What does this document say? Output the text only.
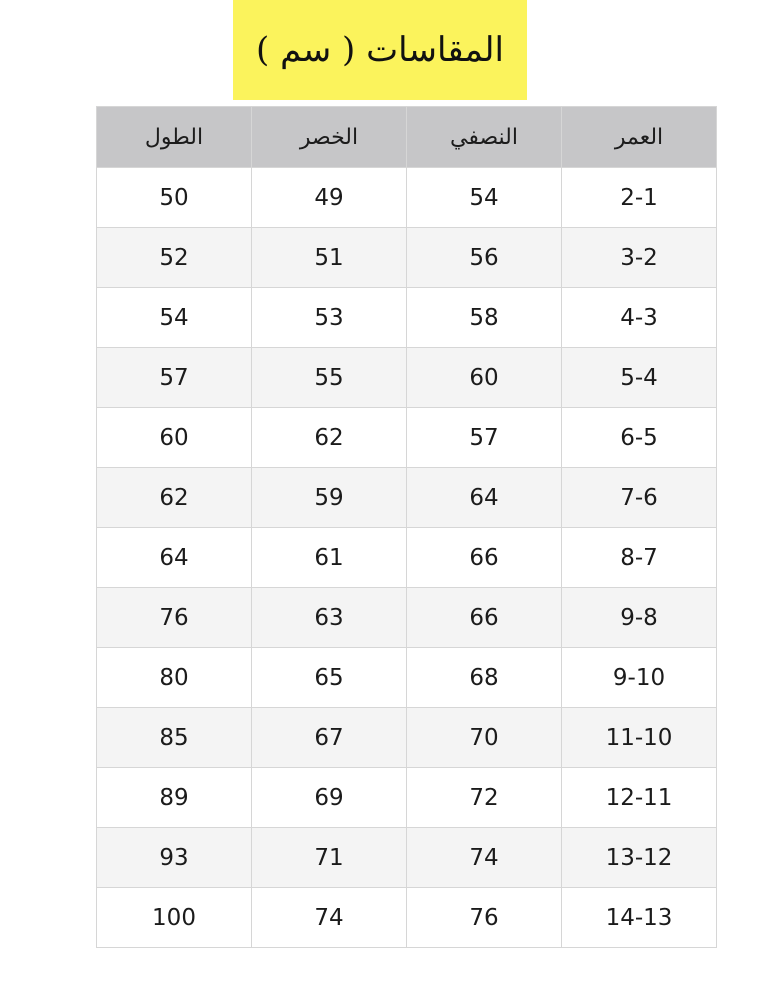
المقاسات ( سم )
العمر	النصفي	الخصر	الطول
2-1	54	49	50
3-2	56	51	52
4-3	58	53	54
5-4	60	55	57
6-5	57	62	60
7-6	64	59	62
8-7	66	61	64
9-8	66	63	76
9-10	68	65	80
11-10	70	67	85
12-11	72	69	89
13-12	74	71	93
14-13	76	74	100
